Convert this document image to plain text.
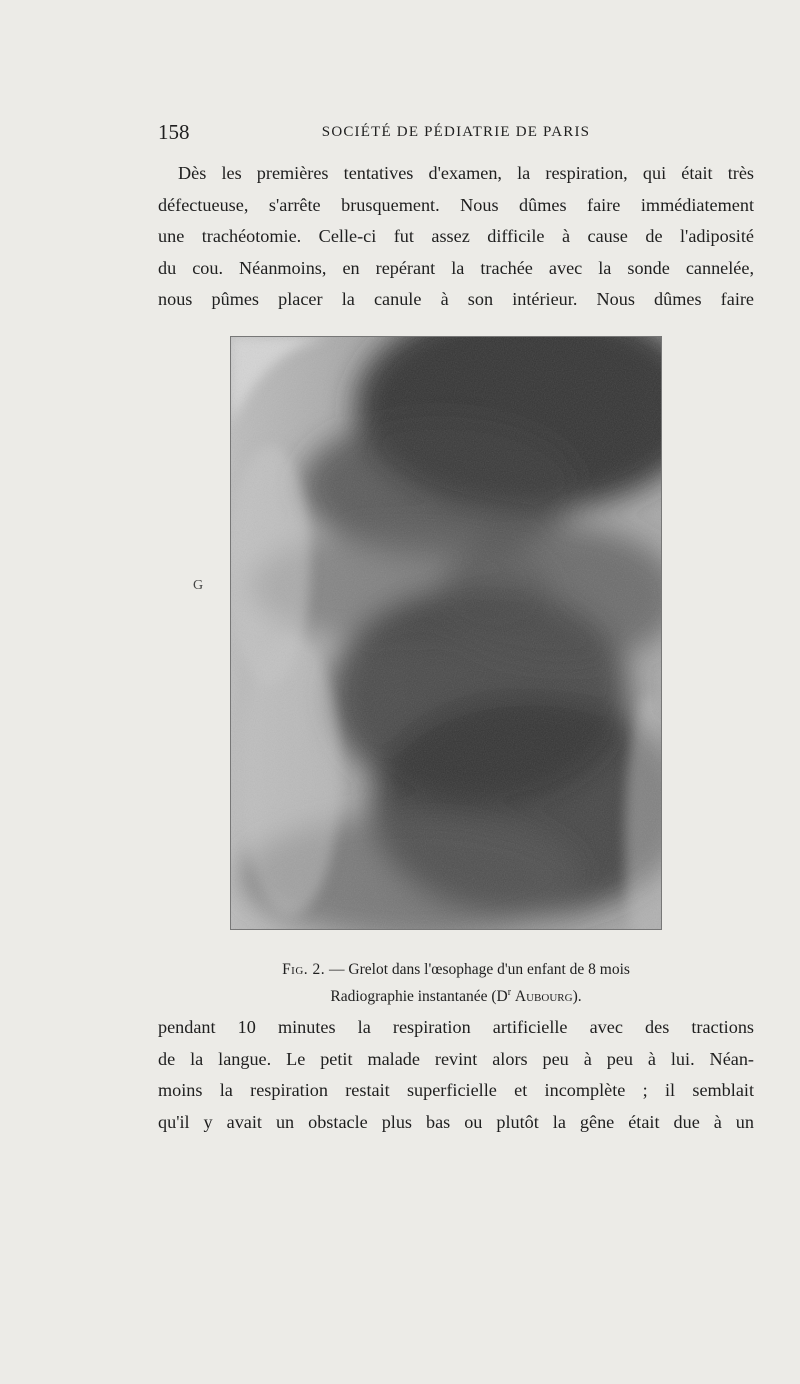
158	SOCIÉTÉ DE PÉDIATRIE DE PARIS

Dès les premières tentatives d'examen, la respiration, qui était très
défectueuse, s'arrête brusquement. Nous dûmes faire immédiatement
une trachéotomie. Celle-ci fut assez difficile à cause de l'adiposité
du cou. Néanmoins, en repérant la trachée avec la sonde cannelée,
nous pûmes placer la canule à son intérieur. Nous dûmes faire

G
Fig. 2. — Grelot dans l'œsophage d'un enfant de 8 mois
Radiographie instantanée ($D^r$ Aubourg).

pendant 10 minutes la respiration artificielle avec des tractions
de la langue. Le petit malade revint alors peu à peu à lui. Néan-
moins la respiration restait superficielle et incomplète ; il semblait
qu'il y avait un obstacle plus bas ou plutôt la gêne était due à un
